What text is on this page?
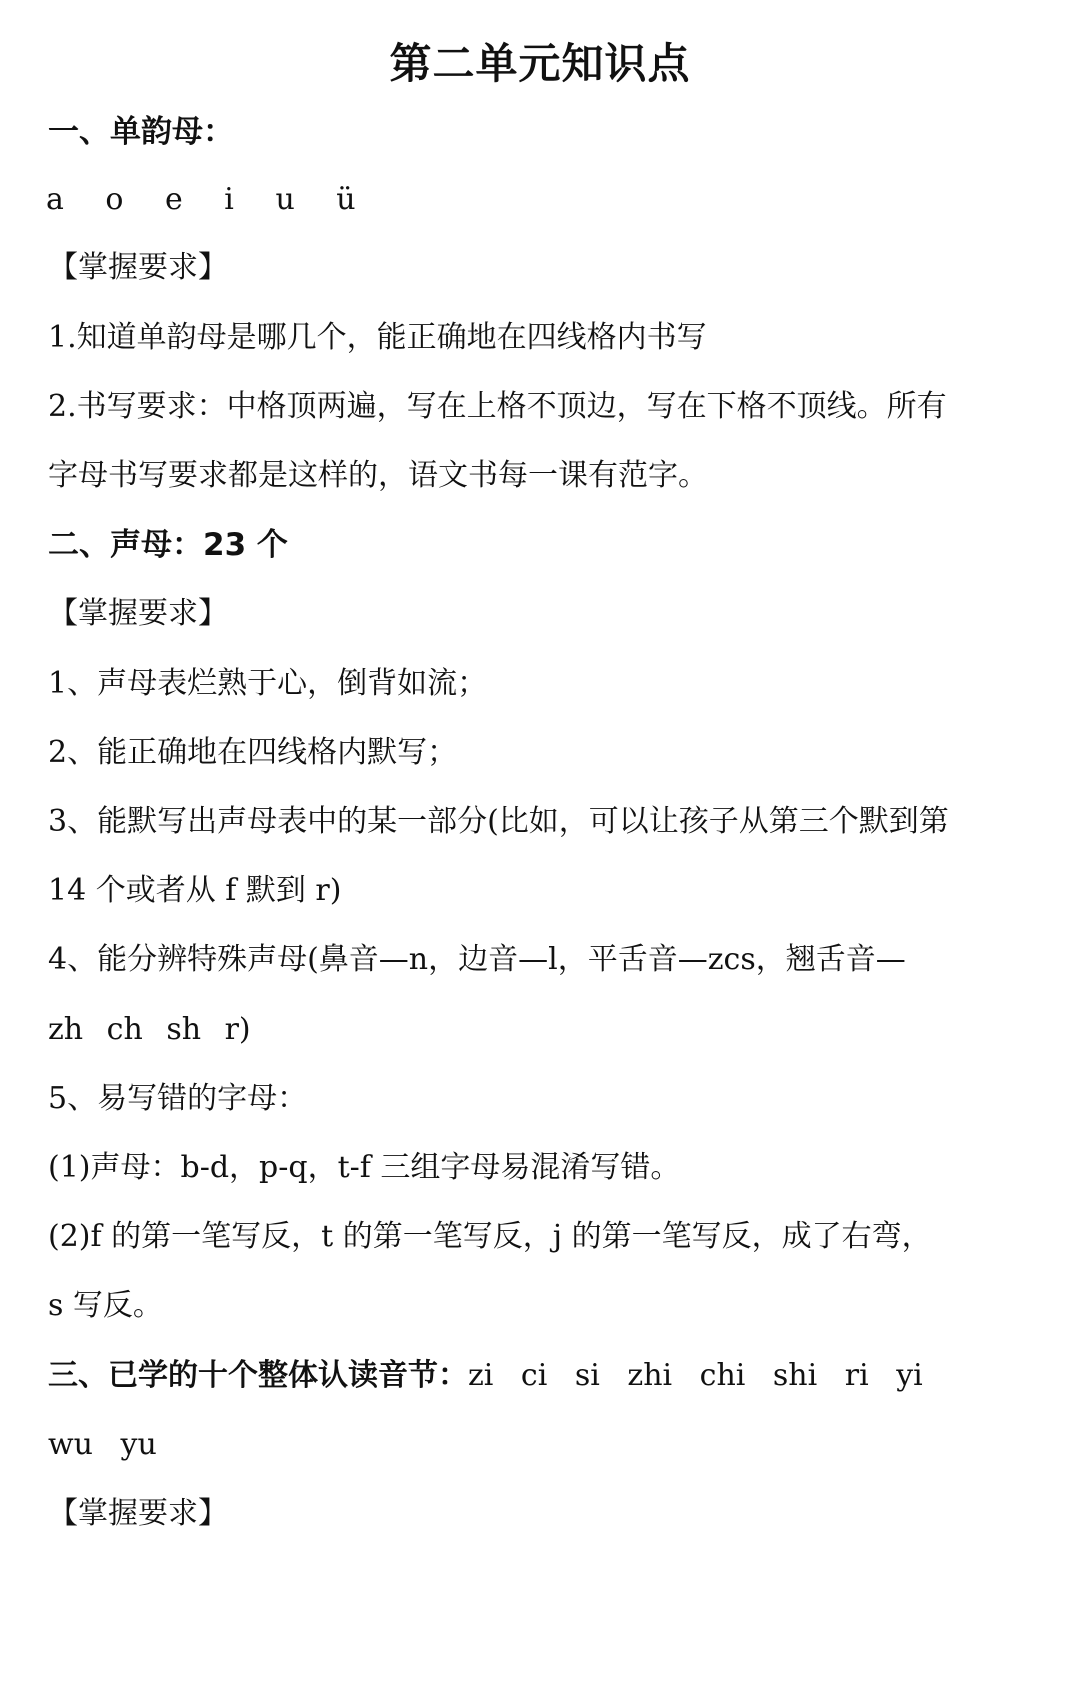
第二单元知识点
一、单韵母：
a o e i u ü
【掌握要求】
1.知道单韵母是哪几个，能正确地在四线格内书写
2.书写要求：中格顶两遍，写在上格不顶边，写在下格不顶线。所有
字母书写要求都是这样的，语文书每一课有范字。
二、声母：23 个
【掌握要求】
1、声母表烂熟于心，倒背如流；
2、能正确地在四线格内默写；
3、能默写出声母表中的某一部分(比如，可以让孩子从第三个默到第
14 个或者从 f 默到 r)
4、能分辨特殊声母(鼻音—n，边音—l，平舌音—zcs，翘舌音—
zh ch sh r)
5、易写错的字母：
(1)声母：b-d，p-q，t-f 三组字母易混淆写错。
(2)f 的第一笔写反，t 的第一笔写反，j 的第一笔写反，成了右弯，
s 写反。
三、已学的十个整体认读音节：zi ci si zhi chi shi ri yi
wu yu
【掌握要求】
